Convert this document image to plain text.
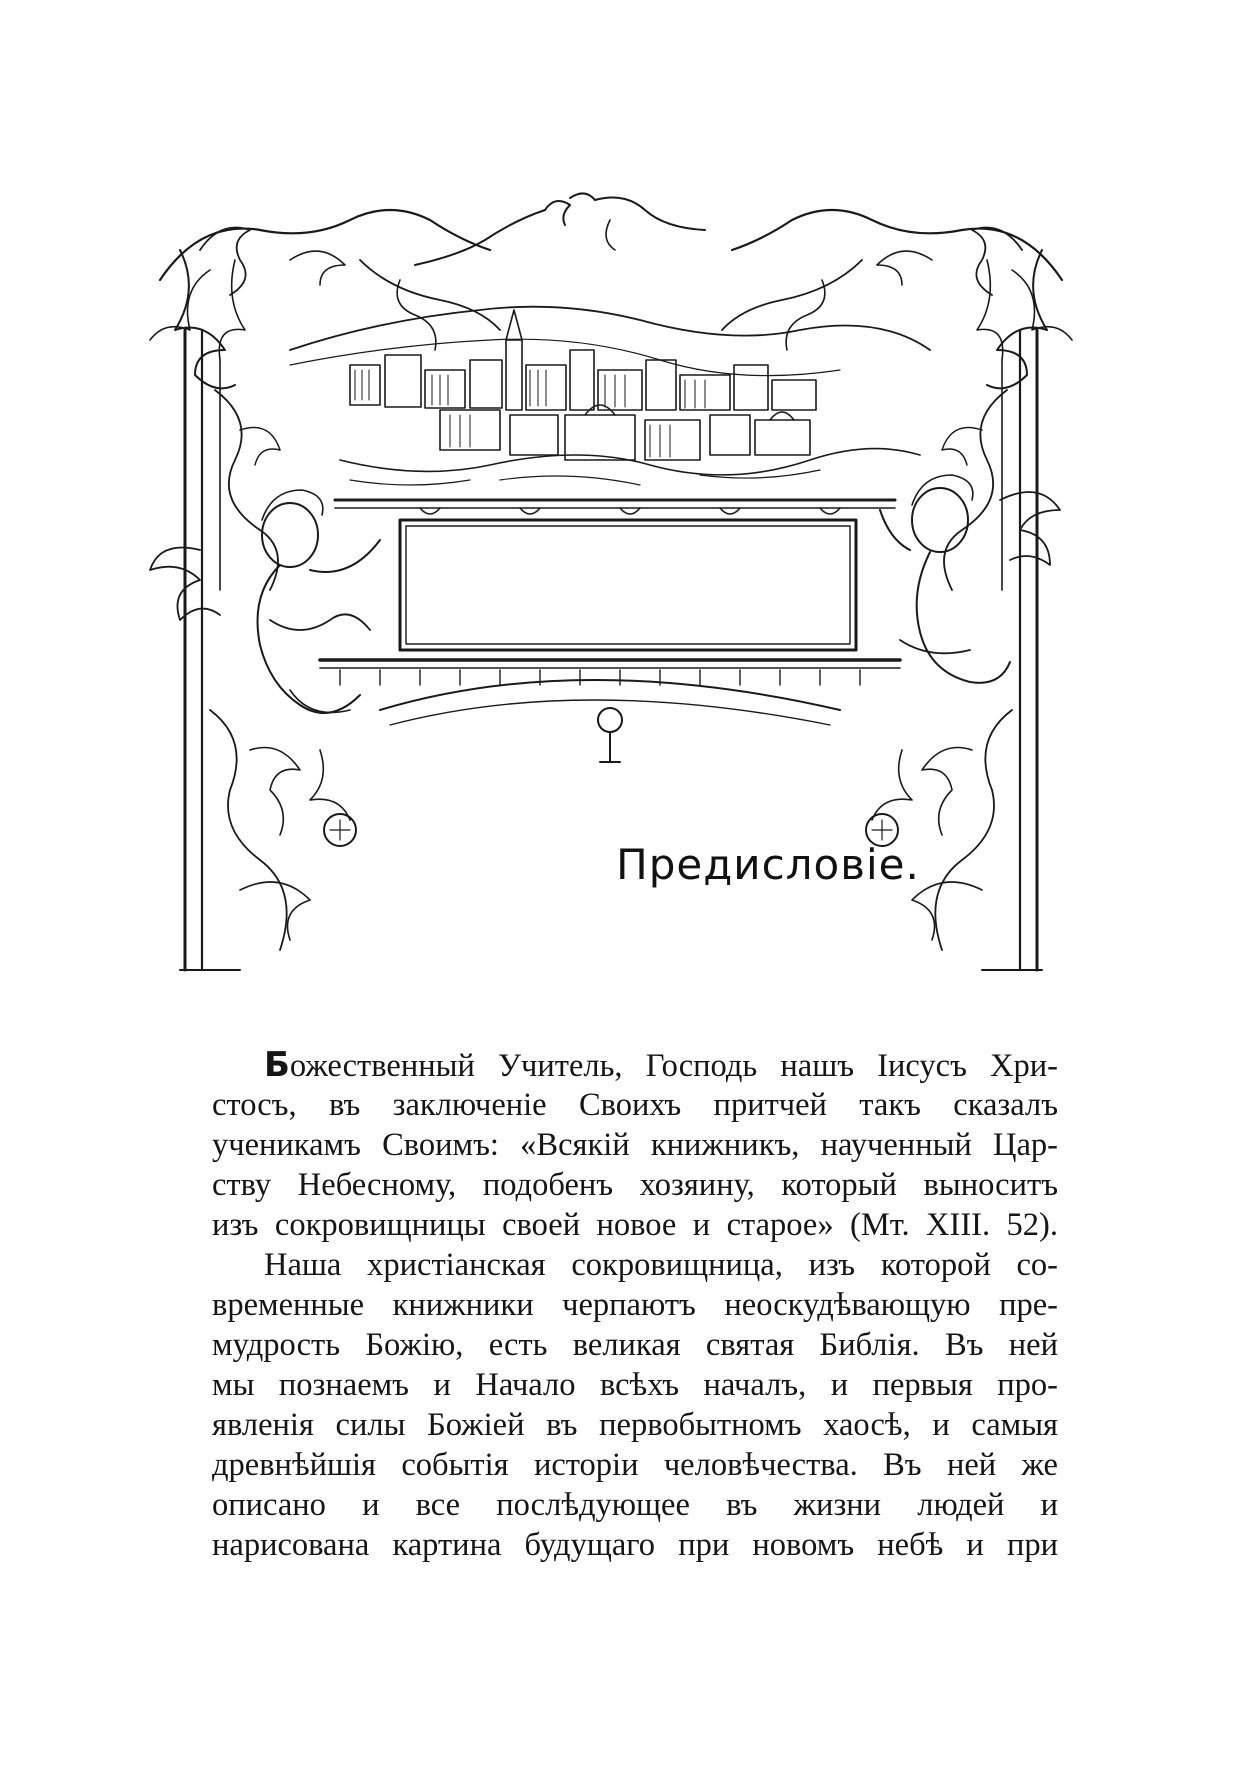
Предисловіе.
Божественный Учитель, Господь нашъ Іисусъ Хри-
стосъ, въ заключеніе Своихъ притчей такъ сказалъ
ученикамъ Своимъ: «Всякій книжникъ, наученный Цар-
ству Небесному, подобенъ хозяину, который выноситъ
изъ сокровищницы своей новое и старое» (Мт. XIII. 52).
Наша христіанская сокровищница, изъ которой со-
временные книжники черпаютъ неоскудѣвающую пре-
мудрость Божію, есть великая святая Библія. Въ ней
мы познаемъ и Начало всѣхъ началъ, и первыя про-
явленія силы Божіей въ первобытномъ хаосѣ, и самыя
древнѣйшія событія исторіи человѣчества. Въ ней же
описано и все послѣдующее въ жизни людей и
нарисована картина будущаго при новомъ небѣ и при
